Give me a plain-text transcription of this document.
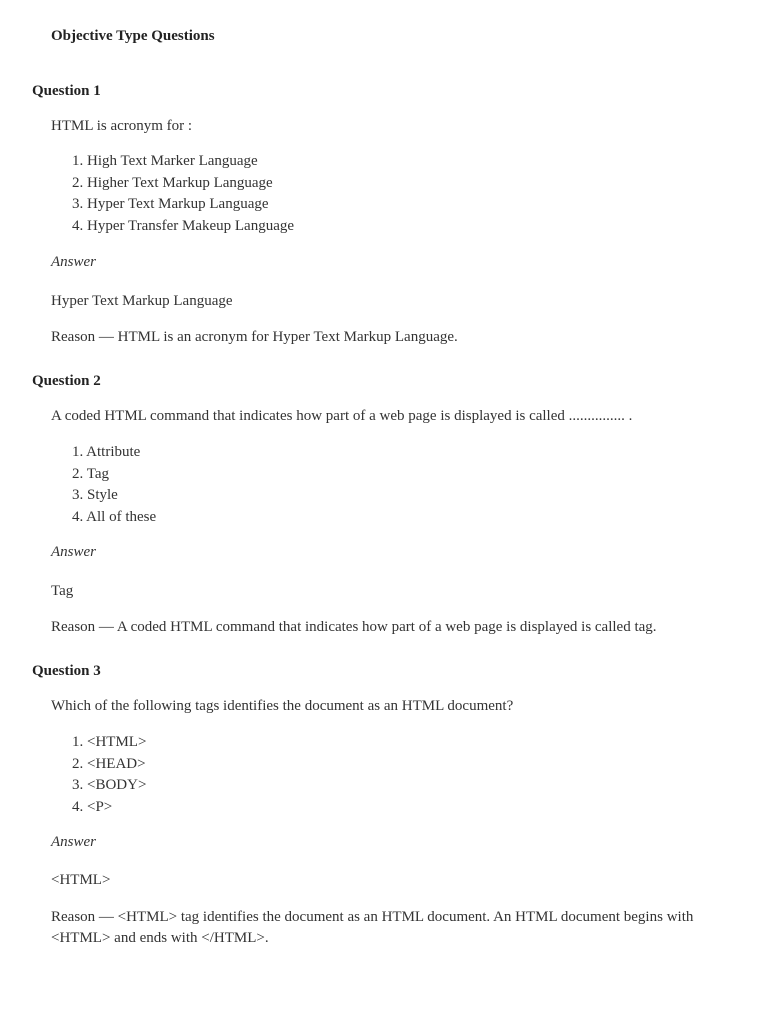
Objective Type Questions
Question 1
HTML is acronym for :
1. High Text Marker Language
2. Higher Text Markup Language
3. Hyper Text Markup Language
4. Hyper Transfer Makeup Language
Answer
Hyper Text Markup Language
Reason — HTML is an acronym for Hyper Text Markup Language.
Question 2
A coded HTML command that indicates how part of a web page is displayed is called ............... .
1. Attribute
2. Tag
3. Style
4. All of these
Answer
Tag
Reason — A coded HTML command that indicates how part of a web page is displayed is called tag.
Question 3
Which of the following tags identifies the document as an HTML document?
1. <HTML>
2. <HEAD>
3. <BODY>
4. <P>
Answer
<HTML>
Reason — <HTML> tag identifies the document as an HTML document. An HTML document begins with <HTML> and ends with </HTML>.
